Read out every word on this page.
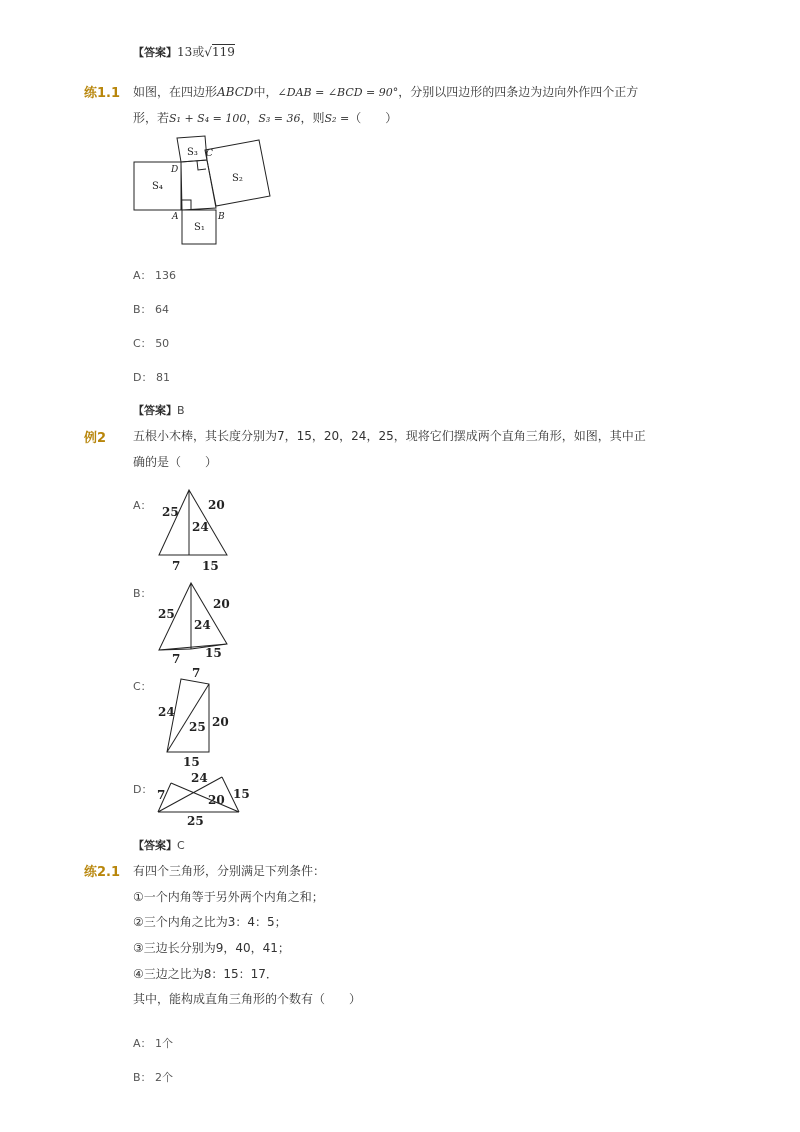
【答案】13或√119
练1.1 如图，在四边形ABCD中，∠DAB = ∠BCD = 90°，分别以四边形的四条边为边向外作四个正方
形，若S₁ + S₄ = 100，S₃ = 36，则S₂ =（　　）
S₃
S₄
S₂
S₁
C
D
A	B
A： 136
B： 64
C： 50
D： 81
【答案】B
例2 五根小木棒，其长度分别为7，15，20，24，25，现将它们摆成两个直角三角形，如图，其中正
确的是（　　）
A： 25 20
24
7 15
B：
25
20
24
7 15
C：
7
24
25 20
15
D：
24
7	20 15
25
【答案】C
练2.1 有四个三角形，分别满足下列条件：
①一个内角等于另外两个内角之和；
②三个内角之比为3：4：5；
③三边长分别为9，40，41；
④三边之比为8：15：17．
其中，能构成直角三角形的个数有（　　）
A： 1个
B： 2个
